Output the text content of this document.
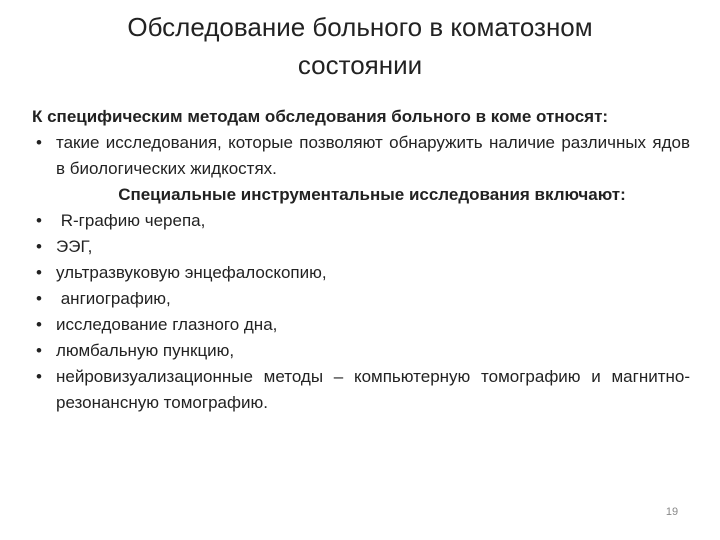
Обследование больного в коматозном
состоянии
К специфическим методам обследования больного в коме относят:
• такие исследования, которые позволяют обнаружить наличие различных ядов в биологических жидкостях.
Специальные инструментальные исследования включают:
• R-графию черепа,
• ЭЭГ,
• ультразвуковую энцефалоскопию,
• ангиографию,
• исследование глазного дна,
• люмбальную пункцию,
• нейровизуализационные методы – компьютерную томографию и магнитно-резонансную томографию.
19
